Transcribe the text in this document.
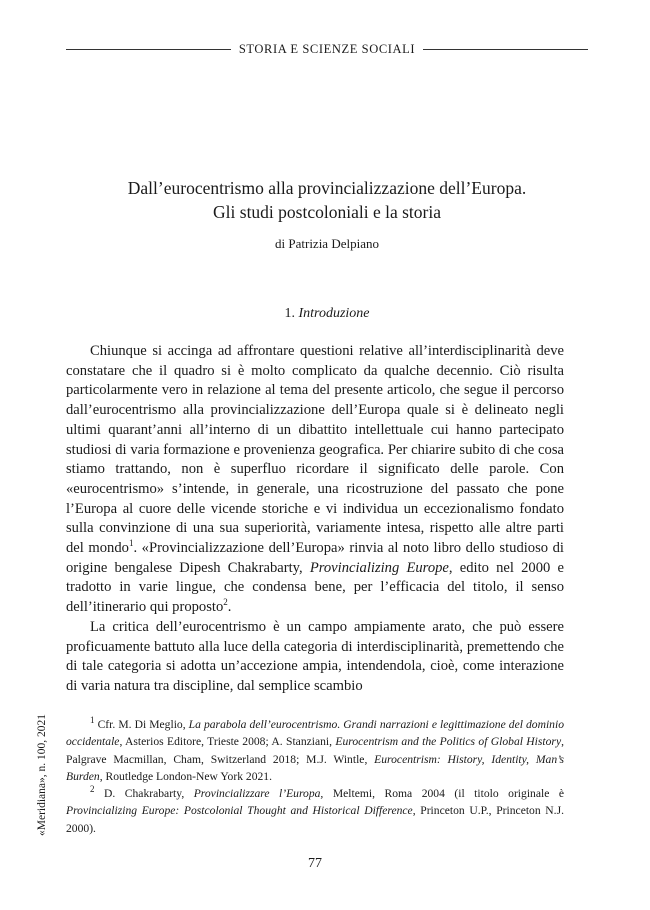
STORIA E SCIENZE SOCIALI
Dall’eurocentrismo alla provincializzazione dell’Europa.
Gli studi postcoloniali e la storia
di Patrizia Delpiano
1. Introduzione

Chiunque si accinga ad affrontare questioni relative all’interdisciplinarità deve constatare che il quadro si è molto complicato da qualche decennio. Ciò risulta particolarmente vero in relazione al tema del presente articolo, che segue il percorso dall’eurocentrismo alla provincializzazione dell’Europa quale si è delineato negli ultimi quarant’anni all’interno di un dibattito intellettuale cui hanno partecipato studiosi di varia formazione e provenienza geografica. Per chiarire subito di che cosa stiamo trattando, non è superfluo ricordare il significato delle parole. Con «eurocentrismo» s’intende, in generale, una ricostruzione del passato che pone l’Europa al cuore delle vicende storiche e vi individua un eccezionalismo fondato sulla convinzione di una sua superiorità, variamente intesa, rispetto alle altre parti del mondo$^1$. «Provincializzazione dell’Europa» rinvia al noto libro dello studioso di origine bengalese Dipesh Chakrabarty, Provincializing Europe, edito nel 2000 e tradotto in varie lingue, che condensa bene, per l’efficacia del titolo, il senso dell’itinerario qui proposto$^2$.

La critica dell’eurocentrismo è un campo ampiamente arato, che può essere proficuamente battuto alla luce della categoria di interdisciplinarità, premettendo che di tale categoria si adotta un’accezione ampia, intendendola, cioè, come interazione di varia natura tra discipline, dal semplice scambio

$^1$ Cfr. M. Di Meglio, La parabola dell’eurocentrismo. Grandi narrazioni e legittimazione del dominio occidentale, Asterios Editore, Trieste 2008; A. Stanziani, Eurocentrism and the Politics of Global History, Palgrave Macmillan, Cham, Switzerland 2018; M.J. Wintle, Eurocentrism: History, Identity, Man’s Burden, Routledge London-New York 2021.

$^2$ D. Chakrabarty, Provincializzare l’Europa, Meltemi, Roma 2004 (il titolo originale è Provincializing Europe: Postcolonial Thought and Historical Difference, Princeton U.P., Princeton N.J. 2000).

«Meridiana», n. 100, 2021
77
